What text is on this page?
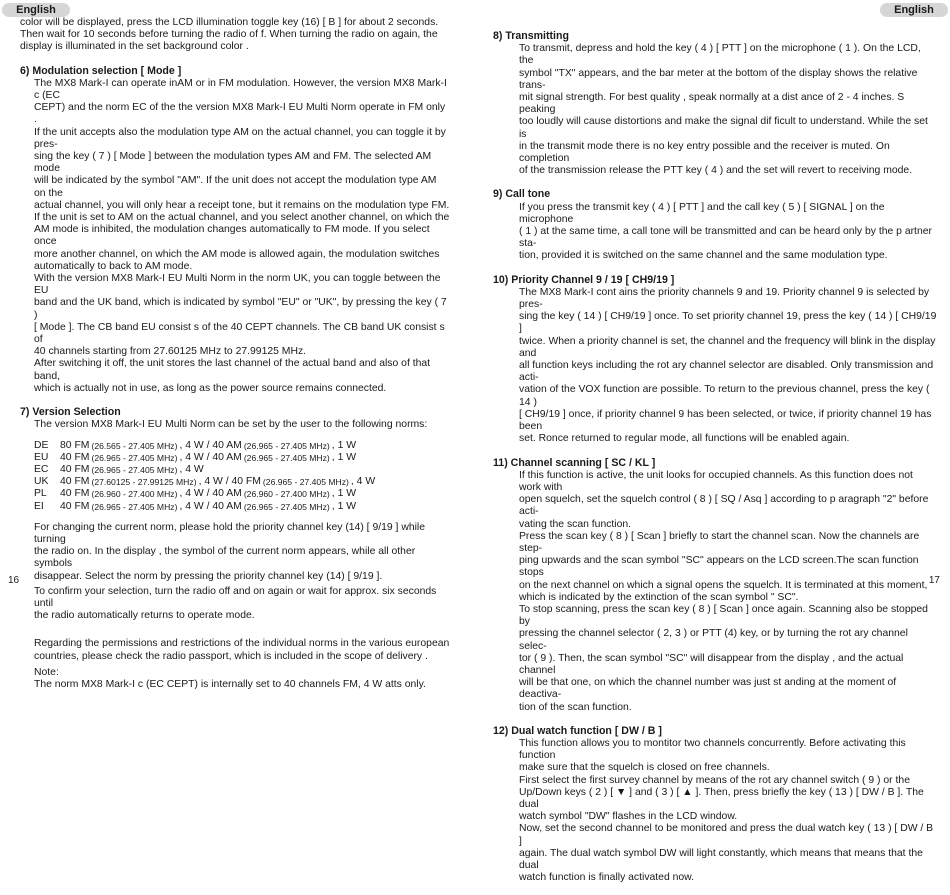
English

color will be displayed, press the LCD illumination toggle key (16) [ B ] for about 2 seconds.

Then wait for 10 seconds before turning the radio of f. When turning the radio on again, the

display is illuminated in the set background color .

6) Modulation selection [ Mode ]

The MX8 Mark-I can operate inAM or in FM modulation. However, the version MX8 Mark-I c (EC

CEPT) and the norm EC of the the version MX8 Mark-I EU Multi Norm operate in FM only .

If the unit accepts also the modulation type AM on the actual channel, you can toggle it by pres-

sing the key ( 7 ) [ Mode ] between the modulation types AM and FM. The selected AM mode

will be indicated by the symbol "AM". If the unit does not accept the modulation type AM on the

actual channel, you will only hear a receipt tone, but it remains on the modulation type FM.

If the unit is set to AM on the actual channel, and you select another channel, on which the

AM mode is inhibited, the modulation changes automatically to FM mode. If you select once

more another channel, on which the AM mode is allowed again, the modulation switches

automatically to back to AM mode.

With the version MX8 Mark-I EU Multi Norm in the norm UK, you can toggle between the EU

band and the UK band, which is indicated by symbol "EU" or "UK", by pressing the key ( 7 )

[ Mode ]. The CB band EU consist s of the 40 CEPT channels. The CB band UK consist s of

40 channels starting from 27.60125 MHz to 27.99125 MHz.

After switching it off, the unit stores the last channel of the actual band and also of that band,

which is actually not in use, as long as the power source remains connected.

7) Version Selection

The version MX8 Mark-I EU Multi Norm can be set by the user to the following norms:

DE	80 FM (26.565 - 27.405 MHz) , 4 W / 40 AM (26.965 - 27.405 MHz) , 1 W
EU	40 FM (26.965 - 27.405 MHz) , 4 W / 40 AM (26.965 - 27.405 MHz) , 1 W
EC	40 FM (26.965 - 27.405 MHz) , 4 W
UK	40 FM (27.60125 - 27.99125 MHz) , 4 W / 40 FM (26.965 - 27.405 MHz) , 4 W
PL	40 FM (26.960 - 27.400 MHz) , 4 W / 40 AM (26.960 - 27.400 MHz) , 1 W
EI	40 FM (26.965 - 27.405 MHz) , 4 W / 40 AM (26.965 - 27.405 MHz) , 1 W

For changing the current norm, please hold the priority channel key (14) [ 9/19 ] while turning

the radio on. In the display , the symbol of the current norm appears, while all other symbols

disappear. Select the norm by pressing the priority channel key (14) [ 9/19 ].

To confirm your selection, turn the radio off and on again or wait for approx. six seconds until

the radio automatically returns to operate mode.

Regarding the permissions and restrictions of the individual norms in the various european

countries, please check the radio passport, which is included in the scope of delivery .

Note:

The norm MX8 Mark-I c (EC CEPT) is internally set to 40 channels FM, 4 W atts only.

16
English

8) Transmitting

To transmit, depress and hold the key ( 4 ) [ PTT ] on the microphone ( 1 ). On the LCD, the

symbol "TX" appears, and the bar meter at the bottom of the display shows the relative trans-

mit signal strength. For best quality , speak normally at a dist ance of 2 - 4 inches. S peaking

too loudly will cause distortions and make the signal dif ficult to understand. While the set is

in the transmit mode there is no key entry possible and the receiver is muted. On completion

of the transmission release the PTT key ( 4 ) and the set will revert to receiving mode.

9) Call tone

If you press the transmit key ( 4 ) [ PTT ] and the call key ( 5 ) [ SIGNAL ] on the microphone

( 1 ) at the same time, a call tone will be transmitted and can be heard only by the p artner sta-

tion, provided it is switched on the same channel and the same modulation type.

10) Priority Channel 9 / 19 [ CH9/19 ]

The MX8 Mark-I cont ains the priority channels 9 and 19. Priority channel 9 is selected by pres-

sing the key ( 14 ) [ CH9/19 ] once. To set priority channel 19, press the key ( 14 ) [ CH9/19 ]

twice. When a priority channel is set, the channel and the frequency will blink in the display and

all function keys including the rot ary channel selector are disabled. Only transmission and acti-

vation of the VOX function are possible. To return to the previous channel, press the key ( 14 )

[ CH9/19 ] once, if priority channel 9 has been selected, or twice, if priority channel 19 has been

set. Ronce returned to regular mode, all functions will be enabled again.

11) Channel scanning [ SC / KL ]

If this function is active, the unit looks for occupied channels. As this function does not work with

open squelch, set the squelch control ( 8 ) [ SQ / Asq ] according to p aragraph "2" before acti-

vating the scan function.

Press the scan key ( 8 ) [ Scan ] briefly to start the channel scan. Now the channels are step-

ping upwards and the scan symbol "SC" appears on the LCD screen.The scan function stops

on the next channel on which a signal opens the squelch. It is terminated at this moment,

which is indicated by the extinction of the scan symbol " SC".

To stop scanning, press the scan key ( 8 ) [ Scan ] once again. Scanning also be stopped by

pressing the channel selector ( 2, 3 ) or PTT (4) key, or by turning the rot ary channel selec-

tor ( 9 ). Then, the scan symbol "SC" will disappear from the display , and the actual channel

will be that one, on which the channel number was just st anding at the moment of deactiva-

tion of the scan function.

12) Dual watch function [ DW / B ]

This function allows you to montitor two channels concurrently. Before activating this function

make sure that the squelch is closed on free channels.

First select the first survey channel by means of the rot ary channel switch ( 9 ) or the

Up/Down keys ( 2 ) [ ▼ ] and ( 3 ) [ ▲ ]. Then, press briefly the key ( 13 ) [ DW / B ]. The dual

watch symbol "DW" flashes in the LCD window.

Now, set the second channel to be monitored and press the dual watch key ( 13 ) [ DW / B ]

again. The dual watch symbol DW will light constantly, which means that means that the dual

watch function is finally activated now.

17
